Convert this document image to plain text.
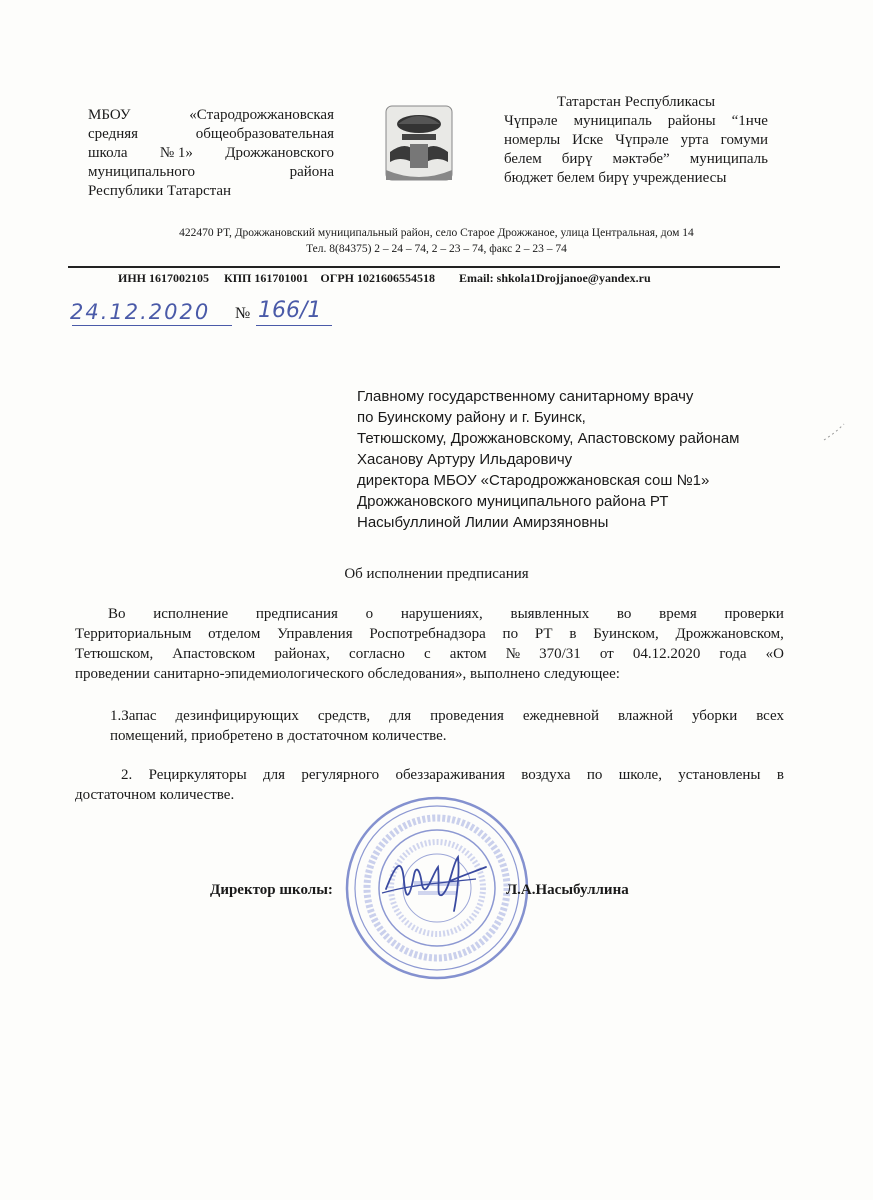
МБОУ	«Стародрожжановская
средняя	общеобразовательная
школа № 1» Дрожжановского
муниципального	района
Республики Татарстан
Татарстан Республикасы
Чүпрәле муниципаль районы “1нче
номерлы Иске Чүпрәле урта гомуми
белем бирү мәктәбе” муниципаль
бюджет белем бирү учреждениесы
422470 РТ, Дрожжановский муниципальный район, село Старое Дрожжаное, улица Центральная, дом 14
Тел. 8(84375) 2 – 24 – 74, 2 – 23 – 74, факс 2 – 23 – 74
ИНН 1617002105     КПП 161701001    ОГРН 1021606554518        Email: shkola1Drojjanoe@yandex.ru
24.12.2020 № 166/1
Главному государственному санитарному врачу
по Буинскому району и г. Буинск,
Тетюшскому, Дрожжановскому, Апастовскому районам
Хасанову Артуру Ильдаровичу
директора МБОУ «Стародрожжановская сош №1»
Дрожжановского муниципального района РТ
Насыбуллиной Лилии Амирзяновны
Об исполнении предписания
Во исполнение предписания о нарушениях, выявленных во время проверки
Территориальным отделом Управления Роспотребнадзора по РТ в Буинском, Дрожжановском,
Тетюшском, Апастовском районах, согласно с актом № 370/31 от 04.12.2020 года «О
проведении санитарно-эпидемиологического обследования», выполнено следующее:
1.Запас дезинфицирующих средств, для проведения ежедневной влажной уборки всех
помещений, приобретено в достаточном количестве.
2. Рециркуляторы для регулярного обеззараживания воздуха по школе, установлены в
достаточном количестве.
Директор школы:	Л.А.Насыбуллина
